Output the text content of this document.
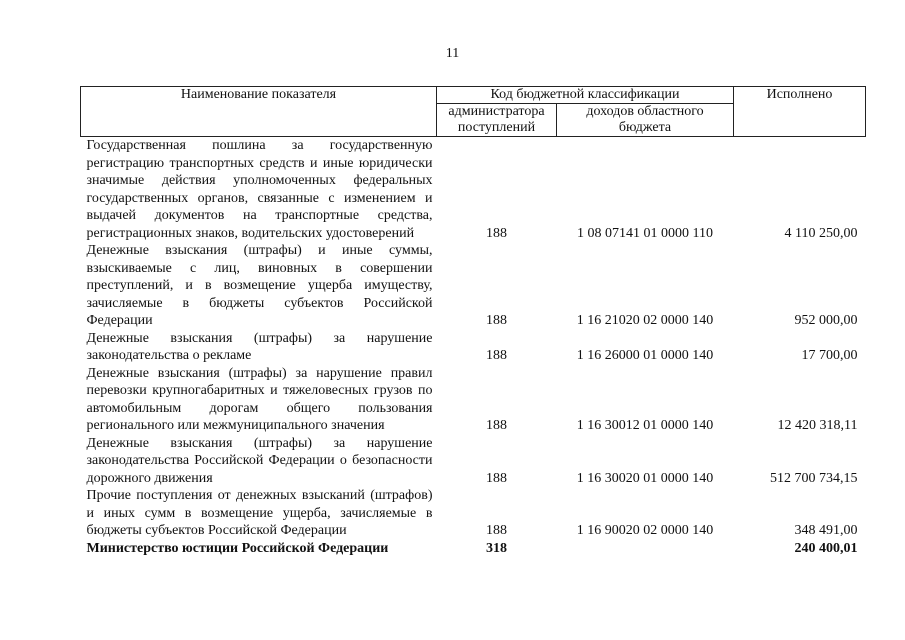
11
Наименование показателя	Код бюджетной классификации		Исполнено
	администратора поступлений	доходов областного бюджета	
Государственная пошлина за государственную регистрацию транспортных средств и иные юридически значимые действия уполномоченных федеральных государственных органов, связанные с изменением и выдачей документов на транспортные средства, регистрационных знаков, водительских удостоверений	188	1 08 07141 01 0000 110	4 110 250,00
Денежные взыскания (штрафы) и иные суммы, взыскиваемые с лиц, виновных в совершении преступлений, и в возмещение ущерба имуществу, зачисляемые в бюджеты субъектов Российской Федерации	188	1 16 21020 02 0000 140	952 000,00
Денежные взыскания (штрафы) за нарушение законодательства о рекламе	188	1 16 26000 01 0000 140	17 700,00
Денежные взыскания (штрафы) за нарушение правил перевозки крупногабаритных и тяжеловесных грузов по автомобильным дорогам общего пользования регионального или межмуниципального значения	188	1 16 30012 01 0000 140	12 420 318,11
Денежные взыскания (штрафы) за нарушение законодательства Российской Федерации о безопасности дорожного движения	188	1 16 30020 01 0000 140	512 700 734,15
Прочие поступления от денежных взысканий (штрафов) и иных сумм в возмещение ущерба, зачисляемые в бюджеты субъектов Российской Федерации	188	1 16 90020 02 0000 140	348 491,00
Министерство юстиции Российской Федерации	318		240 400,01
